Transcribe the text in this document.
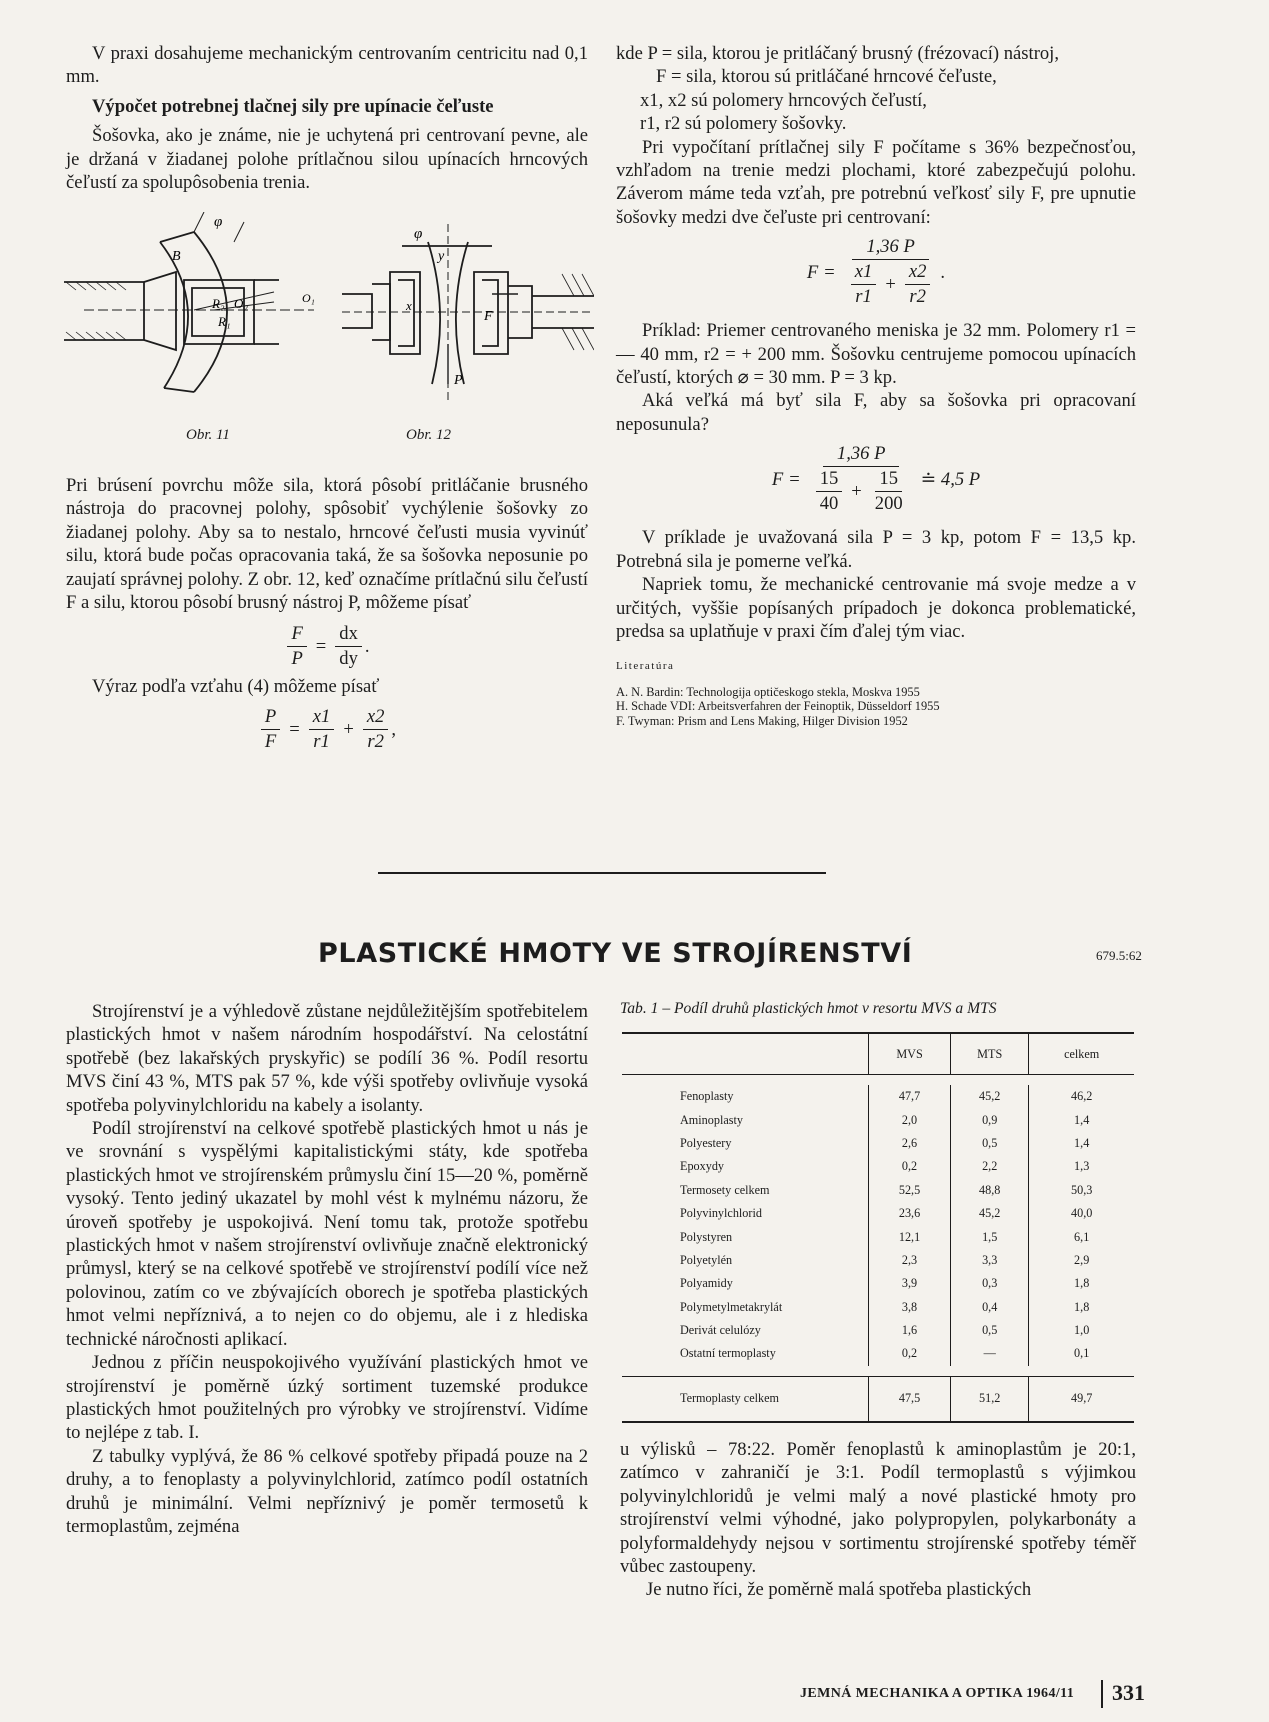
V praxi dosahujeme mechanickým centrovaním centricitu nad 0,1 mm.

Výpočet potrebnej tlačnej sily pre upínacie čeľuste

Šošovka, ako je známe, nie je uchytená pri centrovaní pevne, ale je držaná v žiadanej polohe prítlačnou silou upínacích hrncových čeľustí za spolupôsobenia trenia.

φ
B
R₂ O₂
R₁
O₁
φ
y
x
F
P
Obr. 11	Obr. 12

Pri brúsení povrchu môže sila, ktorá pôsobí pritláčanie brusného nástroja do pracovnej polohy, spôsobiť vychýlenie šošovky zo žiadanej polohy. Aby sa to nestalo, hrncové čeľusti musia vyvinúť silu, ktorá bude počas opracovania taká, že sa šošovka neposunie po zaujatí správnej polohy. Z obr. 12, keď označíme prítlačnú silu čeľustí F a silu, ktorou pôsobí brusný nástroj P, môžeme písať

$\frac{F}{P} = \frac{dx}{dy}$ .

Výraz podľa vzťahu (4) môžeme písať

$\frac{P}{F} = \frac{x1}{r1} + \frac{x2}{r2}$ ,

kde P = sila, ktorou je pritláčaný brusný (frézovací) nástroj,

F = sila, ktorou sú pritláčané hrncové čeľuste,

x1, x2 sú polomery hrncových čeľustí,

r1, r2 sú polomery šošovky.

Pri vypočítaní prítlačnej sily F počítame s 36% bezpečnosťou, vzhľadom na trenie medzi plochami, ktoré zabezpečujú polohu. Záverom máme teda vzťah, pre potrebnú veľkosť sily F, pre upnutie šošovky medzi dve čeľuste pri centrovaní:

$F = \frac{1,36 P}{\frac{x1}{r1} + \frac{x2}{r2}}$ .

Príklad: Priemer centrovaného meniska je 32 mm. Polomery r1 = — 40 mm, r2 = + 200 mm. Šošovku centrujeme pomocou upínacích čeľustí, ktorých ⌀ = 30 mm. P = 3 kp.

Aká veľká má byť sila F, aby sa šošovka pri opracovaní neposunula?

$F = \frac{1,36 P}{\frac{15}{40} + \frac{15}{200}}$ ≐ 4,5 P

V príklade je uvažovaná sila P = 3 kp, potom F = 13,5 kp. Potrebná sila je pomerne veľká.

Napriek tomu, že mechanické centrovanie má svoje medze a v určitých, vyššie popísaných prípadoch je dokonca problematické, predsa sa uplatňuje v praxi čím ďalej tým viac.

Literatúra
A. N. Bardin: Technologija optičeskogo stekla, Moskva 1955
H. Schade VDI: Arbeitsverfahren der Feinoptik, Düsseldorf 1955
F. Twyman: Prism and Lens Making, Hilger Division 1952
PLASTICKÉ HMOTY VE STROJÍRENSTVÍ	679.5:62

Strojírenství je a výhledově zůstane nejdůležitějším spotřebitelem plastických hmot v našem národním hospodářství. Na celostátní spotřebě (bez lakařských pryskyřic) se podílí 36 %. Podíl resortu MVS činí 43 %, MTS pak 57 %, kde výši spotřeby ovlivňuje vysoká spotřeba polyvinylchloridu na kabely a isolanty.

Podíl strojírenství na celkové spotřebě plastických hmot u nás je ve srovnání s vyspělými kapitalistickými státy, kde spotřeba plastických hmot ve strojírenském průmyslu činí 15—20 %, poměrně vysoký. Tento jediný ukazatel by mohl vést k mylnému názoru, že úroveň spotřeby je uspokojivá. Není tomu tak, protože spotřebu plastických hmot v našem strojírenství ovlivňuje značně elektronický průmysl, který se na celkové spotřebě ve strojírenství podílí více než polovinou, zatím co ve zbývajících oborech je spotřeba plastických hmot velmi nepříznivá, a to nejen co do objemu, ale i z hlediska technické náročnosti aplikací.

Jednou z příčin neuspokojivého využívání plastických hmot ve strojírenství je poměrně úzký sortiment tuzemské produkce plastických hmot použitelných pro výrobky ve strojírenství. Vidíme to nejlépe z tab. I.

Z tabulky vyplývá, že 86 % celkové spotřeby připadá pouze na 2 druhy, a to fenoplasty a polyvinylchlorid, zatímco podíl ostatních druhů je minimální. Velmi nepříznivý je poměr termosetů k termoplastům, zejména

Tab. 1 – Podíl druhů plastických hmot v resortu MVS a MTS
	MVS	MTS	celkem

Fenoplasty	47,7	45,2	46,2
Aminoplasty	2,0	0,9	1,4
Polyestery	2,6	0,5	1,4
Epoxydy	0,2	2,2	1,3
Termosety celkem	52,5	48,8	50,3
Polyvinylchlorid	23,6	45,2	40,0
Polystyren	12,1	1,5	6,1
Polyetylén	2,3	3,3	2,9
Polyamidy	3,9	0,3	1,8
Polymetylmetakrylát	3,8	0,4	1,8
Derivát celulózy	1,6	0,5	1,0
Ostatní termoplasty	0,2	—	0,1

Termoplasty celkem	47,5	51,2	49,7

u výlisků – 78:22. Poměr fenoplastů k aminoplastům je 20:1, zatímco v zahraničí je 3:1. Podíl termoplastů s výjimkou polyvinylchloridů je velmi malý a nové plastické hmoty pro strojírenství velmi výhodné, jako polypropylen, polykarbonáty a polyformaldehydy nejsou v sortimentu strojírenské spotřeby téměř vůbec zastoupeny.

Je nutno říci, že poměrně malá spotřeba plastických

JEMNÁ MECHANIKA A OPTIKA 1964/11 331
